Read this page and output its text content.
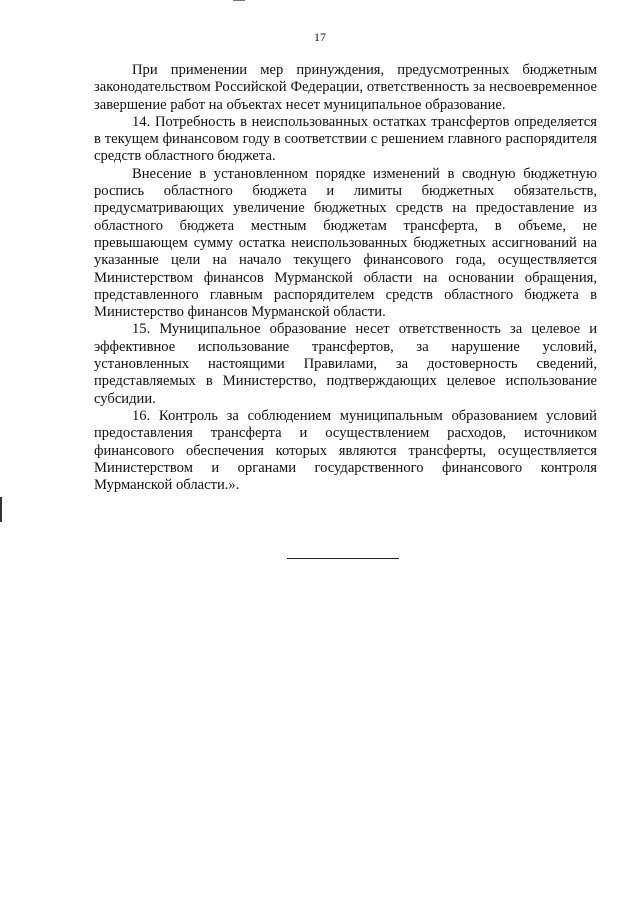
17

При применении мер принуждения, предусмотренных бюджетным законодательством Российской Федерации, ответственность за несвоевременное завершение работ на объектах несет муниципальное образование.

14. Потребность в неиспользованных остатках трансфертов определяется в текущем финансовом году в соответствии с решением главного распорядителя средств областного бюджета.

Внесение в установленном порядке изменений в сводную бюджетную роспись областного бюджета и лимиты бюджетных обязательств, предусматривающих увеличение бюджетных средств на предоставление из областного бюджета местным бюджетам трансферта, в объеме, не превышающем сумму остатка неиспользованных бюджетных ассигнований на указанные цели на начало текущего финансового года, осуществляется Министерством финансов Мурманской области на основании обращения, представленного главным распорядителем средств областного бюджета в Министерство финансов Мурманской области.

15. Муниципальное образование несет ответственность за целевое и эффективное использование трансфертов, за нарушение условий, установленных настоящими Правилами, за достоверность сведений, представляемых в Министерство, подтверждающих целевое использование субсидии.

16. Контроль за соблюдением муниципальным образованием условий предоставления трансферта и осуществлением расходов, источником финансового обеспечения которых являются трансферты, осуществляется Министерством и органами государственного финансового контроля Мурманской области.».
